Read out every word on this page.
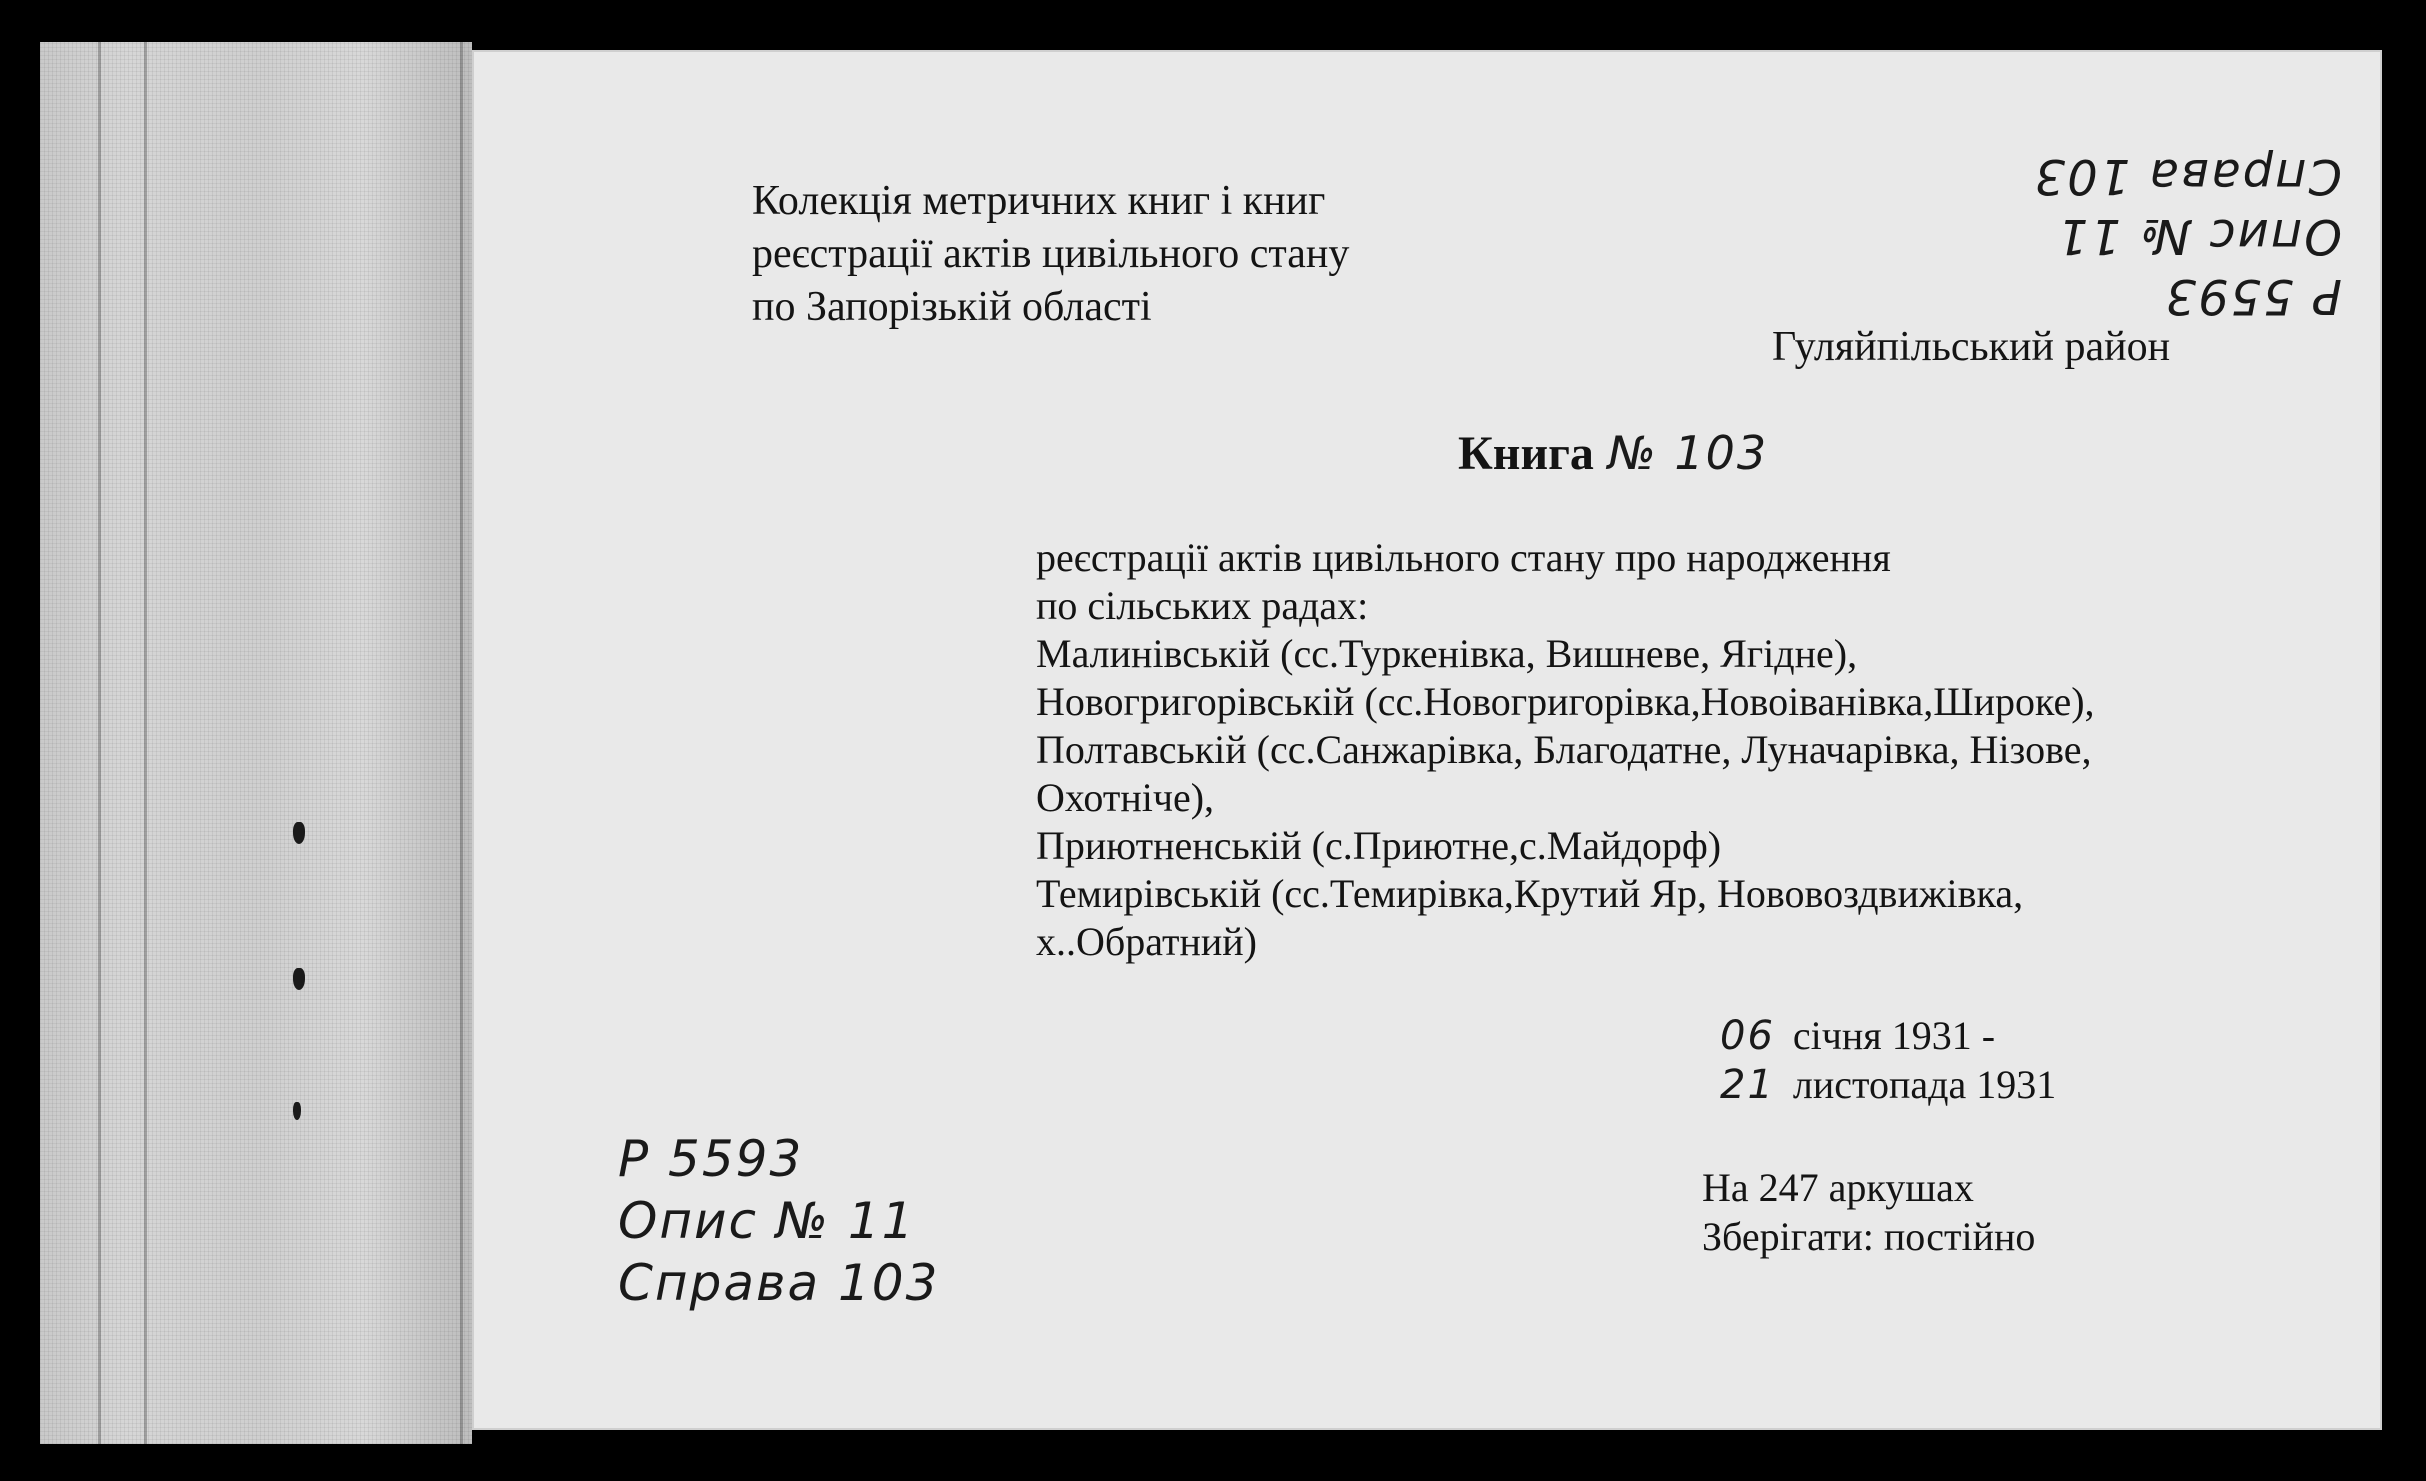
Колекція метричних книг і книг
реєстрації актів цивільного стану
по Запорізькій області
Гуляйпільський район
Книга № 103
реєстрації актів цивільного стану про народження
по сільських радах:
Малинівській (сс.Туркенівка, Вишневе, Ягідне),
Новогригорівській (сс.Новогригорівка,Новоіванівка,Широке),
Полтавській (сс.Санжарівка, Благодатне, Луначарівка, Нізове,
Охотніче),
Приютненській (с.Приютне,с.Майдорф)
Темирівській (сс.Темирівка,Крутий Яр, Нововоздвижівка,
х..Обратний)
06 січня 1931 -
21 листопада 1931
На 247 аркушах
Зберігати: постійно
Р 5593
Опис № 11
Справа 103
Р 5593
Опис № 11
Справа 103
